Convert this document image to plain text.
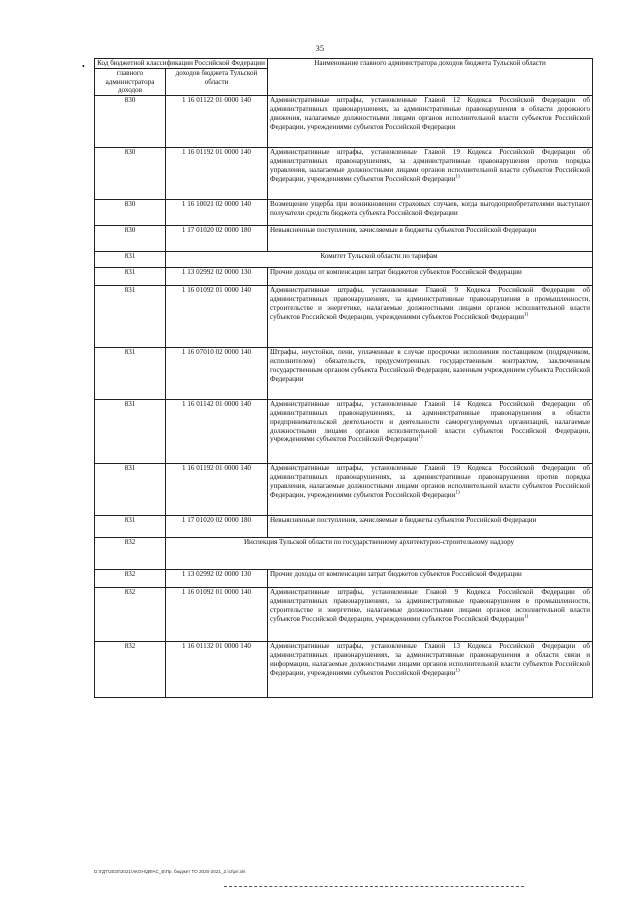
35
• Код бюджетной классификации Российской Федерации		Наименование главного администратора доходов бюджета Тульской области
главного администратора доходов	доходов бюджета Тульской области	
830	1 16 01122 01 0000 140	Административные штрафы, установленные Главой 12 Кодекса Российской Федерации об административных правонарушениях, за административные правонарушения в области дорожного движения, налагаемые должностными лицами органов исполнительной власти субъектов Российской Федерации, учреждениями субъектов Российской Федерации
830	1 16 01192 01 0000 140	Административные штрафы, установленные Главой 19 Кодекса Российской Федерации об административных правонарушениях, за административные правонарушения против порядка управления, налагаемые должностными лицами органов исполнительной власти субъектов Российской Федерации, учреждениями субъектов Российской Федерации$^{1)}$
830	1 16 10021 02 0000 140	Возмещение ущерба при возникновении страховых случаев, когда выгодоприобретателями выступают получатели средств бюджета субъекта Российской Федерации
830	1 17 01020 02 0000 180	Невыясненные поступления, зачисляемые в бюджеты субъектов Российской Федерации
831	Комитет Тульской области по тарифам	
831	1 13 02992 02 0000 130	Прочие доходы от компенсации затрат бюджетов субъектов Российской Федерации
831	1 16 01092 01 0000 140	Административные штрафы, установленные Главой 9 Кодекса Российской Федерации об административных правонарушениях, за административные правонарушения в промышленности, строительстве и энергетике, налагаемые должностными лицами органов исполнительной власти субъектов Российской Федерации, учреждениями субъектов Российской Федерации$^{1)}$
831	1 16 07010 02 0000 140	Штрафы, неустойки, пени, уплаченные в случае просрочки исполнения поставщиком (подрядчиком, исполнителем) обязательств, предусмотренных государственным контрактом, заключенным государственным органом субъекта Российской Федерации, казенным учреждением субъекта Российской Федерации
831	1 16 01142 01 0000 140	Административные штрафы, установленные Главой 14 Кодекса Российской Федерации об административных правонарушениях, за административные правонарушения в области предпринимательской деятельности и деятельности саморегулируемых организаций, налагаемые должностными лицами органов исполнительной власти субъектов Российской Федерации, учреждениями субъектов Российской Федерации$^{1)}$
831	1 16 01192 01 0000 140	Административные штрафы, установленные Главой 19 Кодекса Российской Федерации об административных правонарушениях, за административные правонарушения против порядка управления, налагаемые должностными лицами органов исполнительной власти субъектов Российской Федерации, учреждениями субъектов Российской Федерации$^{1)}$
831	1 17 01020 02 0000 180	Невыясненные поступления, зачисляемые в бюджеты субъектов Российской Федерации
832	Инспекция Тульской области по государственному архитектурно-строительному надзору	
832	1 13 02992 02 0000 130	Прочие доходы от компенсации затрат бюджетов субъектов Российской Федерации
832	1 16 01092 01 0000 140	Административные штрафы, установленные Главой 9 Кодекса Российской Федерации об административных правонарушениях, за административные правонарушения в промышленности, строительстве и энергетике, налагаемые должностными лицами органов исполнительной власти субъектов Российской Федерации, учреждениями субъектов Российской Федерации$^{1)}$
832	1 16 01132 01 0000 140	Административные штрафы, установленные Главой 13 Кодекса Российской Федерации об административных правонарушениях, за административные правонарушения в области связи и информации, налагаемые должностными лицами органов исполнительной власти субъектов Российской Федерации, учреждениями субъектов Российской Федерации$^{1)}$
D:\ГДТ\2020\2021\АКОН\ДФАС_Б\Пр. бюджет ТО 2020-2021_2.\ct\pri.xls
